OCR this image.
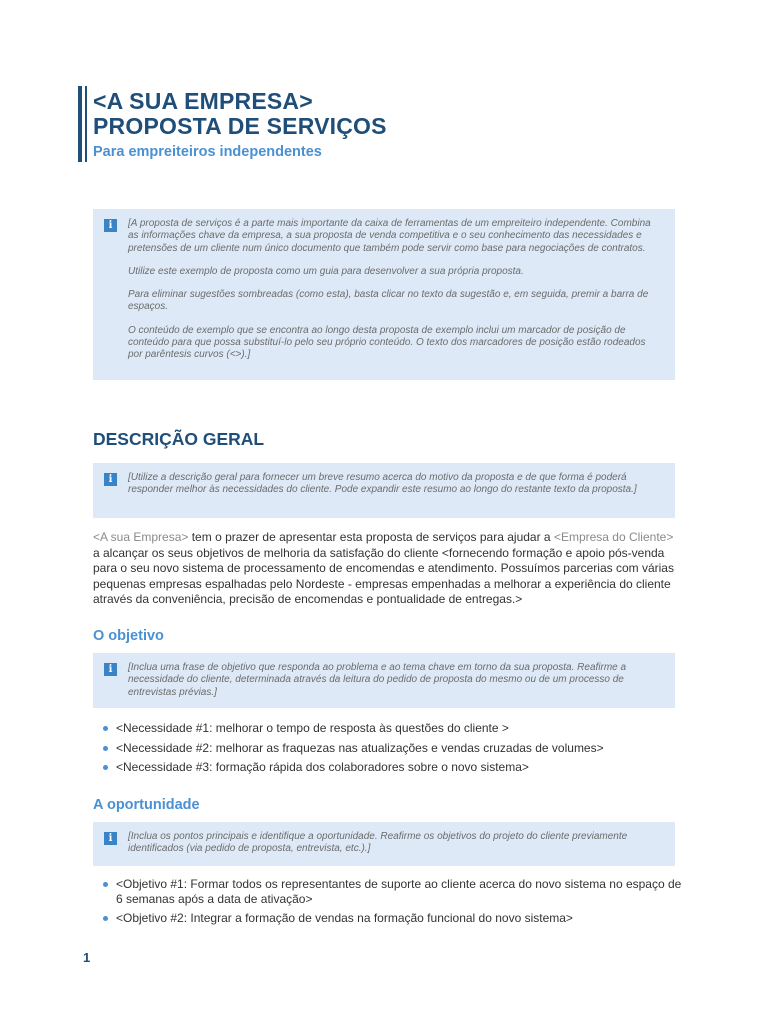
<A SUA EMPRESA>
PROPOSTA DE SERVIÇOS

Para empreiteiros independentes

i	[A proposta de serviços é a parte mais importante da caixa de ferramentas de um empreiteiro independente. Combina as informações chave da empresa, a sua proposta de venda competitiva e o seu conhecimento das necessidades e pretensões de um cliente num único documento que também pode servir como base para negociações de contratos.

Utilize este exemplo de proposta como um guia para desenvolver a sua própria proposta.

Para eliminar sugestões sombreadas (como esta), basta clicar no texto da sugestão e, em seguida, premir a barra de espaços.

O conteúdo de exemplo que se encontra ao longo desta proposta de exemplo inclui um marcador de posição de conteúdo para que possa substituí-lo pelo seu próprio conteúdo. O texto dos marcadores de posição estão rodeados por parêntesis curvos (<>).]

DESCRIÇÃO GERAL
i	[Utilize a descrição geral para fornecer um breve resumo acerca do motivo da proposta e de que forma é poderá responder melhor às necessidades do cliente. Pode expandir este resumo ao longo do restante texto da proposta.]

<A sua Empresa> tem o prazer de apresentar esta proposta de serviços para ajudar a <Empresa do Cliente> a alcançar os seus objetivos de melhoria da satisfação do cliente <fornecendo formação e apoio pós-venda para o seu novo sistema de processamento de encomendas e atendimento. Possuímos parcerias com várias pequenas empresas espalhadas pelo Nordeste - empresas empenhadas a melhorar a experiência do cliente através da conveniência, precisão de encomendas e pontualidade de entregas.>

O objetivo
i	[Inclua uma frase de objetivo que responda ao problema e ao tema chave em torno da sua proposta. Reafirme a necessidade do cliente, determinada através da leitura do pedido de proposta do mesmo ou de um processo de entrevistas prévias.]

<Necessidade #1: melhorar o tempo de resposta às questões do cliente >
<Necessidade #2: melhorar as fraquezas nas atualizações e vendas cruzadas de volumes>
<Necessidade #3: formação rápida dos colaboradores sobre o novo sistema>
A oportunidade
i	[Inclua os pontos principais e identifique a oportunidade. Reafirme os objetivos do projeto do cliente previamente identificados (via pedido de proposta, entrevista, etc.).]

<Objetivo #1: Formar todos os representantes de suporte ao cliente acerca do novo sistema no espaço de 6 semanas após a data de ativação>
<Objetivo #2: Integrar a formação de vendas na formação funcional do novo sistema>

1
